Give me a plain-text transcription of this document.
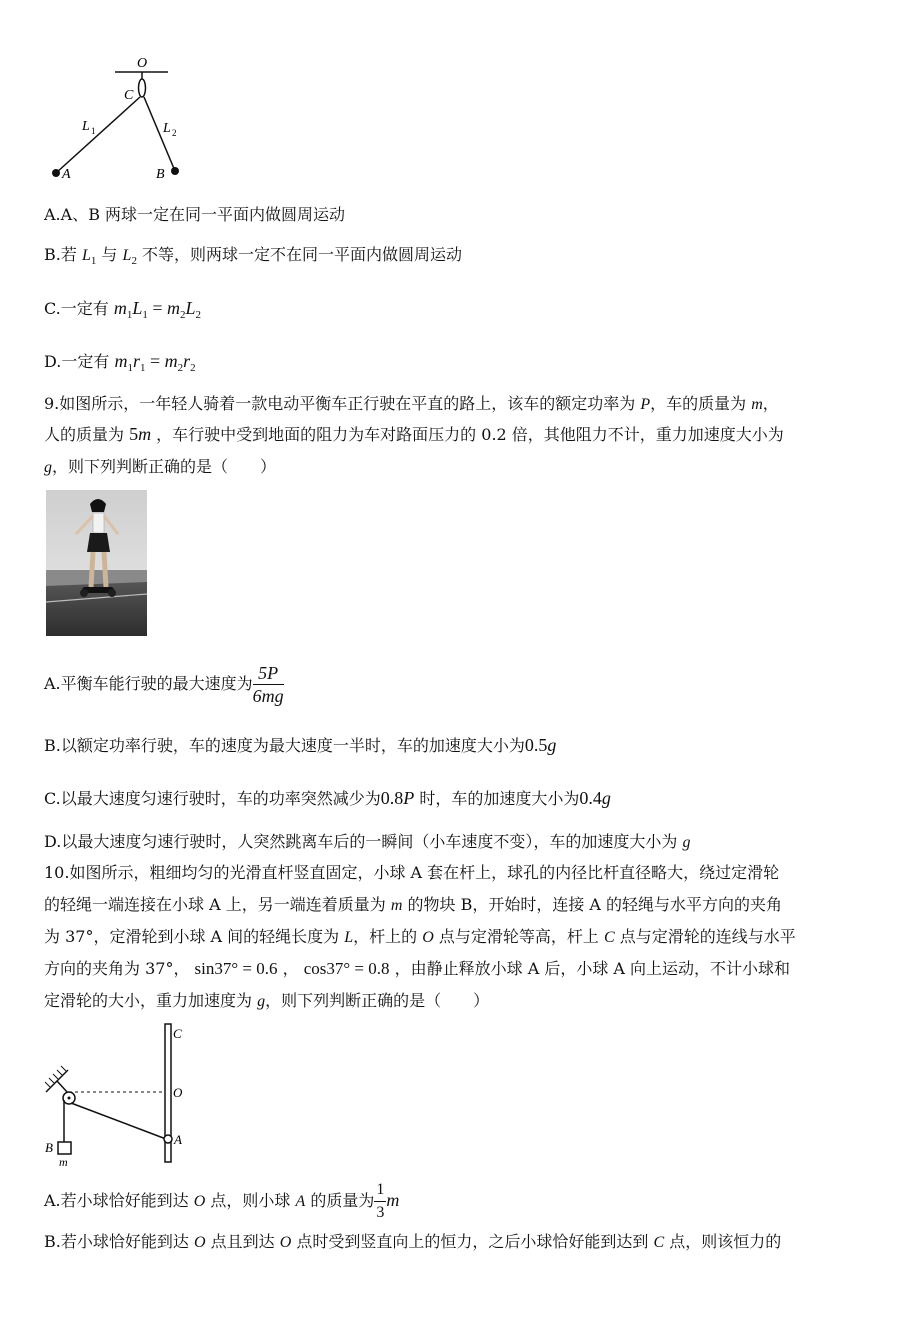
O
C
L 1	L 2
A	B
A.A、B 两球一定在同一平面内做圆周运动
B.若 $L_1$ 与 $L_2$ 不等，则两球一定不在同一平面内做圆周运动
C.一定有 $m_1L_1 = m_2L_2$
D.一定有 $m_1r_1 = m_2r_2$
9.如图所示，一年轻人骑着一款电动平衡车正行驶在平直的路上，该车的额定功率为 P，车的质量为 m，
人的质量为 5m ，车行驶中受到地面的阻力为车对路面压力的 0.2 倍，其他阻力不计，重力加速度大小为
g，则下列判断正确的是（　　）
A.平衡车能行驶的最大速度为 $\frac{5P}{6mg}$
B.以额定功率行驶，车的速度为最大速度一半时，车的加速度大小为0.5g
C.以最大速度匀速行驶时，车的功率突然减少为0.8P 时，车的加速度大小为0.4g
D.以最大速度匀速行驶时，人突然跳离车后的一瞬间（小车速度不变），车的加速度大小为 g
10.如图所示，粗细均匀的光滑直杆竖直固定，小球 A 套在杆上，球孔的内径比杆直径略大，绕过定滑轮
的轻绳一端连接在小球 A 上，另一端连着质量为 m 的物块 B，开始时，连接 A 的轻绳与水平方向的夹角
为 37°，定滑轮到小球 A 间的轻绳长度为 L，杆上的 O 点与定滑轮等高，杆上 C 点与定滑轮的连线与水平
方向的夹角为 37°， sin37° = 0.6 ， cos37° = 0.8 ，由静止释放小球 A 后，小球 A 向上运动，不计小球和
定滑轮的大小，重力加速度为 g，则下列判断正确的是（　　）
C
O
A
B
m
A.若小球恰好能到达 O 点，则小球 A 的质量为 $\frac{1}{3}$ m
B.若小球恰好能到达 O 点且到达 O 点时受到竖直向上的恒力，之后小球恰好能到达到 C 点，则该恒力的
